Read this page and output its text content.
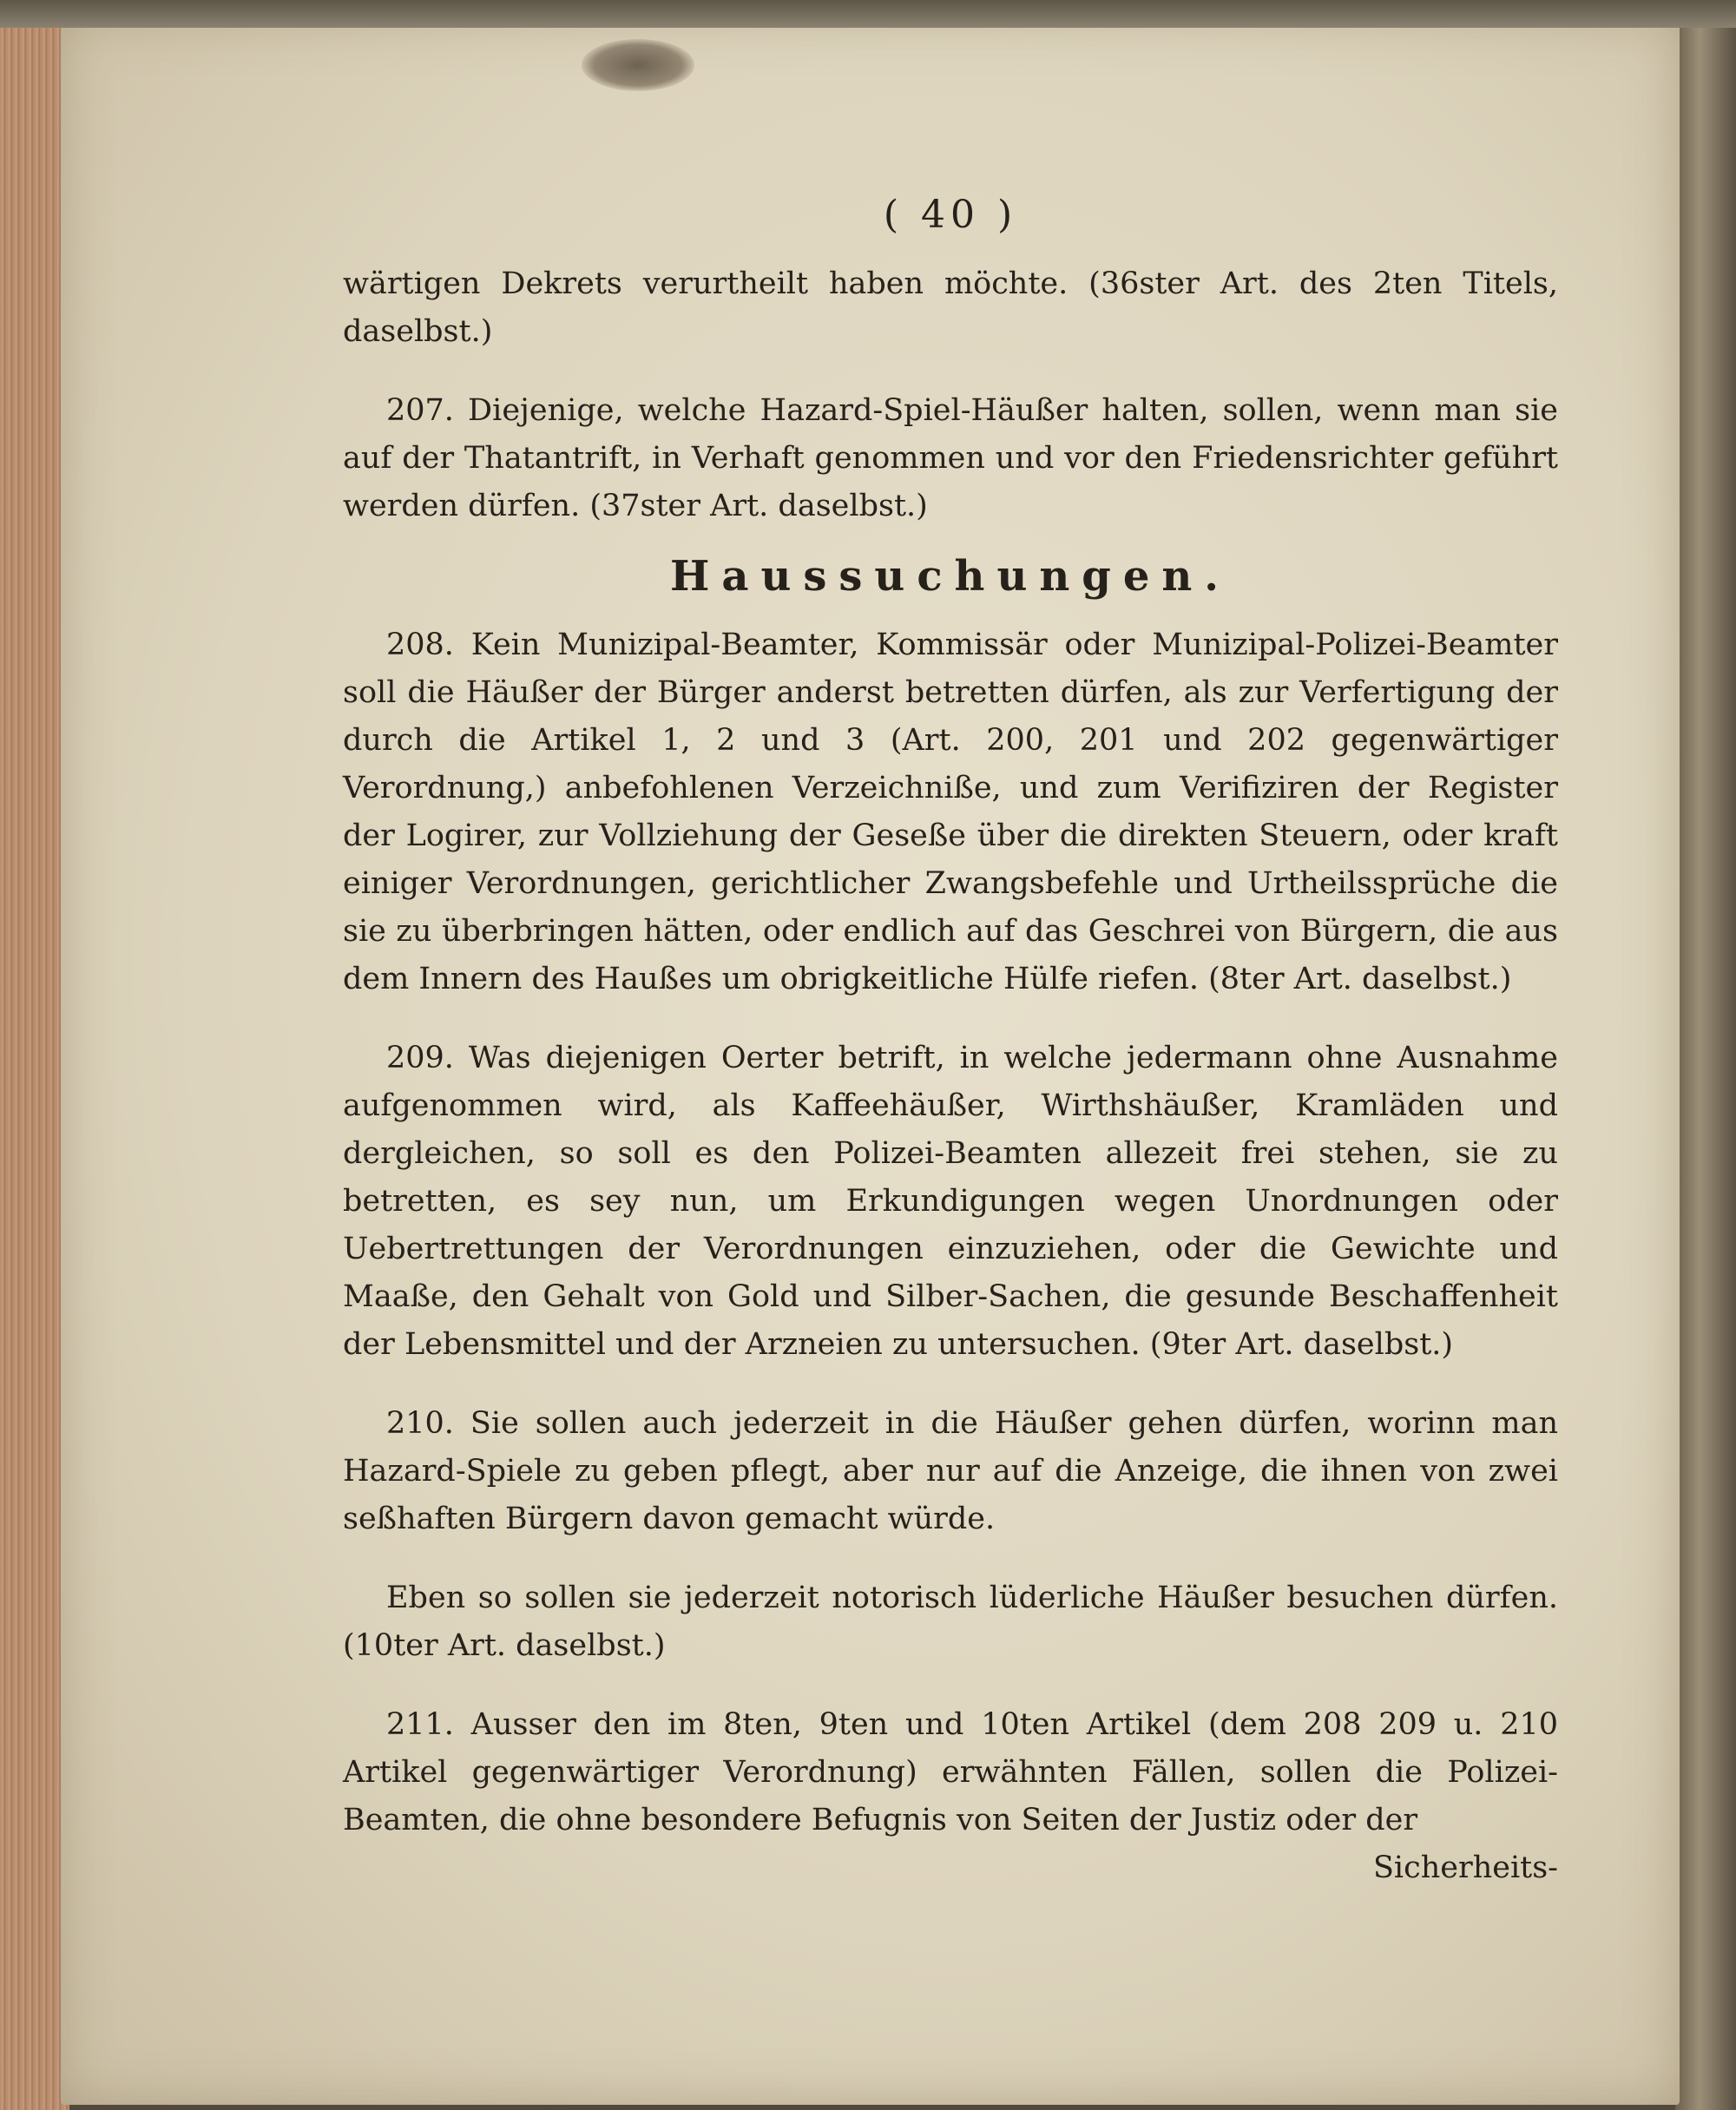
( 40 )

wärtigen Dekrets verurtheilt haben möchte. (36ster Art. des 2ten Titels, daselbst.)

207. Diejenige, welche Hazard-Spiel-Häußer halten, sollen, wenn man sie auf der Thatantrift, in Verhaft genommen und vor den Friedensrichter geführt werden dürfen. (37ster Art. daselbst.)

Haussuchungen.

208. Kein Munizipal-Beamter, Kommissär oder Munizipal-Polizei-Beamter soll die Häußer der Bürger anderst betretten dürfen, als zur Verfertigung der durch die Artikel 1, 2 und 3 (Art. 200, 201 und 202 gegenwärtiger Verordnung,) anbefohlenen Verzeichniße, und zum Verifiziren der Register der Logirer, zur Vollziehung der Geseße über die direkten Steuern, oder kraft einiger Verordnungen, gerichtlicher Zwangsbefehle und Urtheilssprüche die sie zu überbringen hätten, oder endlich auf das Geschrei von Bürgern, die aus dem Innern des Haußes um obrigkeitliche Hülfe riefen. (8ter Art. daselbst.)

209. Was diejenigen Oerter betrift, in welche jedermann ohne Ausnahme aufgenommen wird, als Kaffeehäußer, Wirthshäußer, Kramläden und dergleichen, so soll es den Polizei-Beamten allezeit frei stehen, sie zu betretten, es sey nun, um Erkundigungen wegen Unordnungen oder Uebertrettungen der Verordnungen einzuziehen, oder die Gewichte und Maaße, den Gehalt von Gold und Silber-Sachen, die gesunde Beschaffenheit der Lebensmittel und der Arzneien zu untersuchen. (9ter Art. daselbst.)

210. Sie sollen auch jederzeit in die Häußer gehen dürfen, worinn man Hazard-Spiele zu geben pflegt, aber nur auf die Anzeige, die ihnen von zwei seßhaften Bürgern davon gemacht würde.

Eben so sollen sie jederzeit notorisch lüderliche Häußer besuchen dürfen. (10ter Art. daselbst.)

211. Ausser den im 8ten, 9ten und 10ten Artikel (dem 208 209 u. 210 Artikel gegenwärtiger Verordnung) erwähnten Fällen, sollen die Polizei-Beamten, die ohne besondere Befugnis von Seiten der Justiz oder der

Sicherheits-
